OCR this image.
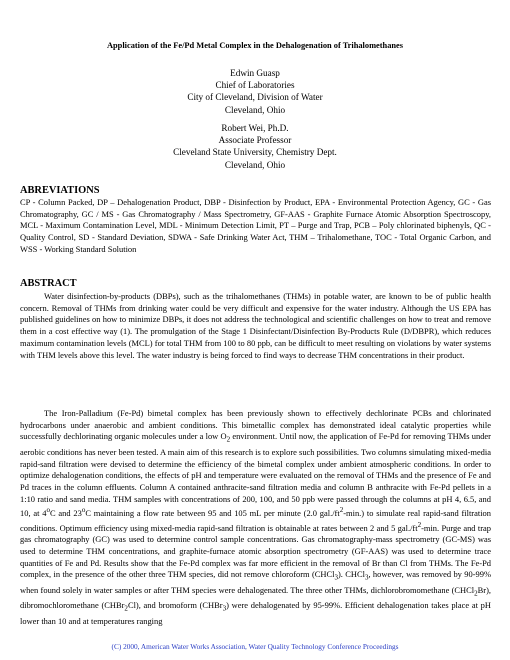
Application of the Fe/Pd Metal Complex in the Dehalogenation of Trihalomethanes
Edwin Guasp
Chief of Laboratories
City of Cleveland, Division of Water
Cleveland, Ohio
Robert Wei, Ph.D.
Associate Professor
Cleveland State University, Chemistry Dept.
Cleveland, Ohio
ABREVIATIONS

CP - Column Packed, DP – Dehalogenation Product, DBP - Disinfection by Product, EPA - Environmental Protection Agency, GC - Gas Chromatography, GC / MS - Gas Chromatography / Mass Spectrometry, GF-AAS - Graphite Furnace Atomic Absorption Spectroscopy, MCL - Maximum Contamination Level, MDL - Minimum Detection Limit, PT – Purge and Trap, PCB – Poly chlorinated biphenyls, QC - Quality Control, SD - Standard Deviation, SDWA - Safe Drinking Water Act, THM – Trihalomethane, TOC - Total Organic Carbon, and WSS - Working Standard Solution

ABSTRACT

Water disinfection-by-products (DBPs), such as the trihalomethanes (THMs) in potable water, are known to be of public health concern. Removal of THMs from drinking water could be very difficult and expensive for the water industry. Although the US EPA has published guidelines on how to minimize DBPs, it does not address the technological and scientific challenges on how to treat and remove them in a cost effective way (1). The promulgation of the Stage 1 Disinfectant/Disinfection By-Products Rule (D/DBPR), which reduces maximum contamination levels (MCL) for total THM from 100 to 80 ppb, can be difficult to meet resulting on violations by water systems with THM levels above this level. The water industry is being forced to find ways to decrease THM concentrations in their product.

The Iron-Palladium (Fe-Pd) bimetal complex has been previously shown to effectively dechlorinate PCBs and chlorinated hydrocarbons under anaerobic and ambient conditions. This bimetallic complex has demonstrated ideal catalytic properties while successfully dechlorinating organic molecules under a low $O_2$ environment. Until now, the application of Fe-Pd for removing THMs under aerobic conditions has never been tested. A main aim of this research is to explore such possibilities. Two columns simulating mixed-media rapid-sand filtration were devised to determine the efficiency of the bimetal complex under ambient atmospheric conditions. In order to optimize dehalogenation conditions, the effects of pH and temperature were evaluated on the removal of THMs and the presence of Fe and Pd traces in the column effluents. Column A contained anthracite-sand filtration media and column B anthracite with Fe-Pd pellets in a 1:10 ratio and sand media. THM samples with concentrations of 200, 100, and 50 ppb were passed through the columns at pH 4, 6.5, and 10, at 4$^o$C and 23$^o$C maintaining a flow rate between 95 and 105 mL per minute (2.0 $gal./ft^2-\min$.) to simulate real rapid-sand filtration conditions. Optimum efficiency using mixed-media rapid-sand filtration is obtainable at rates between 2 and 5 $gal./ft^2-\min$. Purge and trap gas chromatography (GC) was used to determine control sample concentrations. Gas chromatography-mass spectrometry (GC-MS) was used to determine THM concentrations, and graphite-furnace atomic absorption spectrometry (GF-AAS) was used to determine trace quantities of Fe and Pd. Results show that the Fe-Pd complex was far more efficient in the removal of Br than Cl from THMs. The Fe-Pd complex, in the presence of the other three THM species, did not remove chloroform (CHCl$_3$). CHCl$_3$, however, was removed by 90-99% when found solely in water samples or after THM species were dehalogenated. The three other THMs, dichlorobromomethane (CHCl$_2$Br), dibromochloromethane (CHBr$_2$Cl), and bromoform (CHBr$_3$) were dehalogenated by 95-99%. Efficient dehalogenation takes place at pH lower than 10 and at temperatures ranging

(C) 2000, American Water Works Association, Water Quality Technology Conference Proceedings
